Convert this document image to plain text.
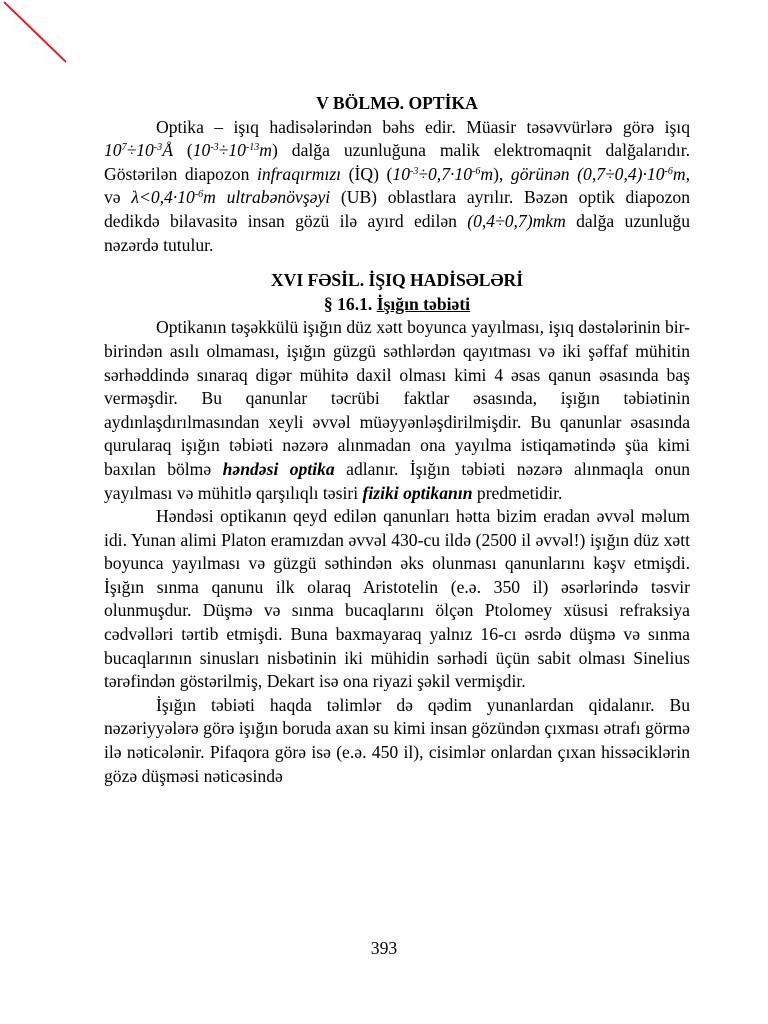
V BÖLMƏ. OPTİKA

Optika – işıq hadisələrindən bəhs edir. Müasir təsəvvürlərə görə işıq $10^7\div 10^{-3}Å$ $(10^{-3}\div 10^{-13}m)$ dalğa uzunluğuna malik elektromaqnit dalğalarıdır. Göstərilən diapozon infraqırmızı (İQ) $(10^{-3}\div 0,7\cdot 10^{-6}m)$, görünən $(0,7\div 0,4)\cdot 10^{-6}m$, və $\lambda<0,4\cdot 10^{-6}m$ ultrabənövşəyi (UB) oblastlara ayrılır. Bəzən optik diapozon dedikdə bilavasitə insan gözü ilə ayırd edilən (0,4÷0,7)mkm dalğa uzunluğu nəzərdə tutulur.

XVI FƏSİL. İŞIQ HADİSƏLƏRİ
§ 16.1. İşığın təbiəti

Optikanın təşəkkülü işığın düz xətt boyunca yayılması, işıq dəstələrinin bir-birindən asılı olmaması, işığın güzgü səthlərdən qayıtması və iki şəffaf mühitin sərhəddində sınaraq digər mühitə daxil olması kimi 4 əsas qanun əsasında baş verməşdir. Bu qanunlar təcrübi faktlar əsasında, işığın təbiətinin aydınlaşdırılmasından xeyli əvvəl müəyyənləşdirilmişdir. Bu qanunlar əsasında qurularaq işığın təbiəti nəzərə alınmadan ona yayılma istiqamətində şüa kimi baxılan bölmə həndəsi optika adlanır. İşığın təbiəti nəzərə alınmaqla onun yayılması və mühitlə qarşılıqlı təsiri fiziki optikanın predmetidir.

Həndəsi optikanın qeyd edilən qanunları hətta bizim eradan əvvəl məlum idi. Yunan alimi Platon eramızdan əvvəl 430-cu ildə (2500 il əvvəl!) işığın düz xətt boyunca yayılması və güzgü səthindən əks olunması qanunlarını kəşv etmişdi. İşığın sınma qanunu ilk olaraq Aristotelin (e.ə. 350 il) əsərlərində təsvir olunmuşdur. Düşmə və sınma bucaqlarını ölçən Ptolomey xüsusi refraksiya cədvəlləri tərtib etmişdi. Buna baxmayaraq yalnız 16-cı əsrdə düşmə və sınma bucaqlarının sinusları nisbətinin iki mühidin sərhədi üçün sabit olması Sinelius tərəfindən göstərilmiş, Dekart isə ona riyazi şəkil vermişdir.

İşığın təbiəti haqda təlimlər də qədim yunanlardan qidalanır. Bu nəzəriyyələrə görə işığın boruda axan su kimi insan gözündən çıxması ətrafı görmə ilə nəticələnir. Pifaqora görə isə (e.ə. 450 il), cisimlər onlardan çıxan hissəciklərin gözə düşməsi nəticəsində

393
